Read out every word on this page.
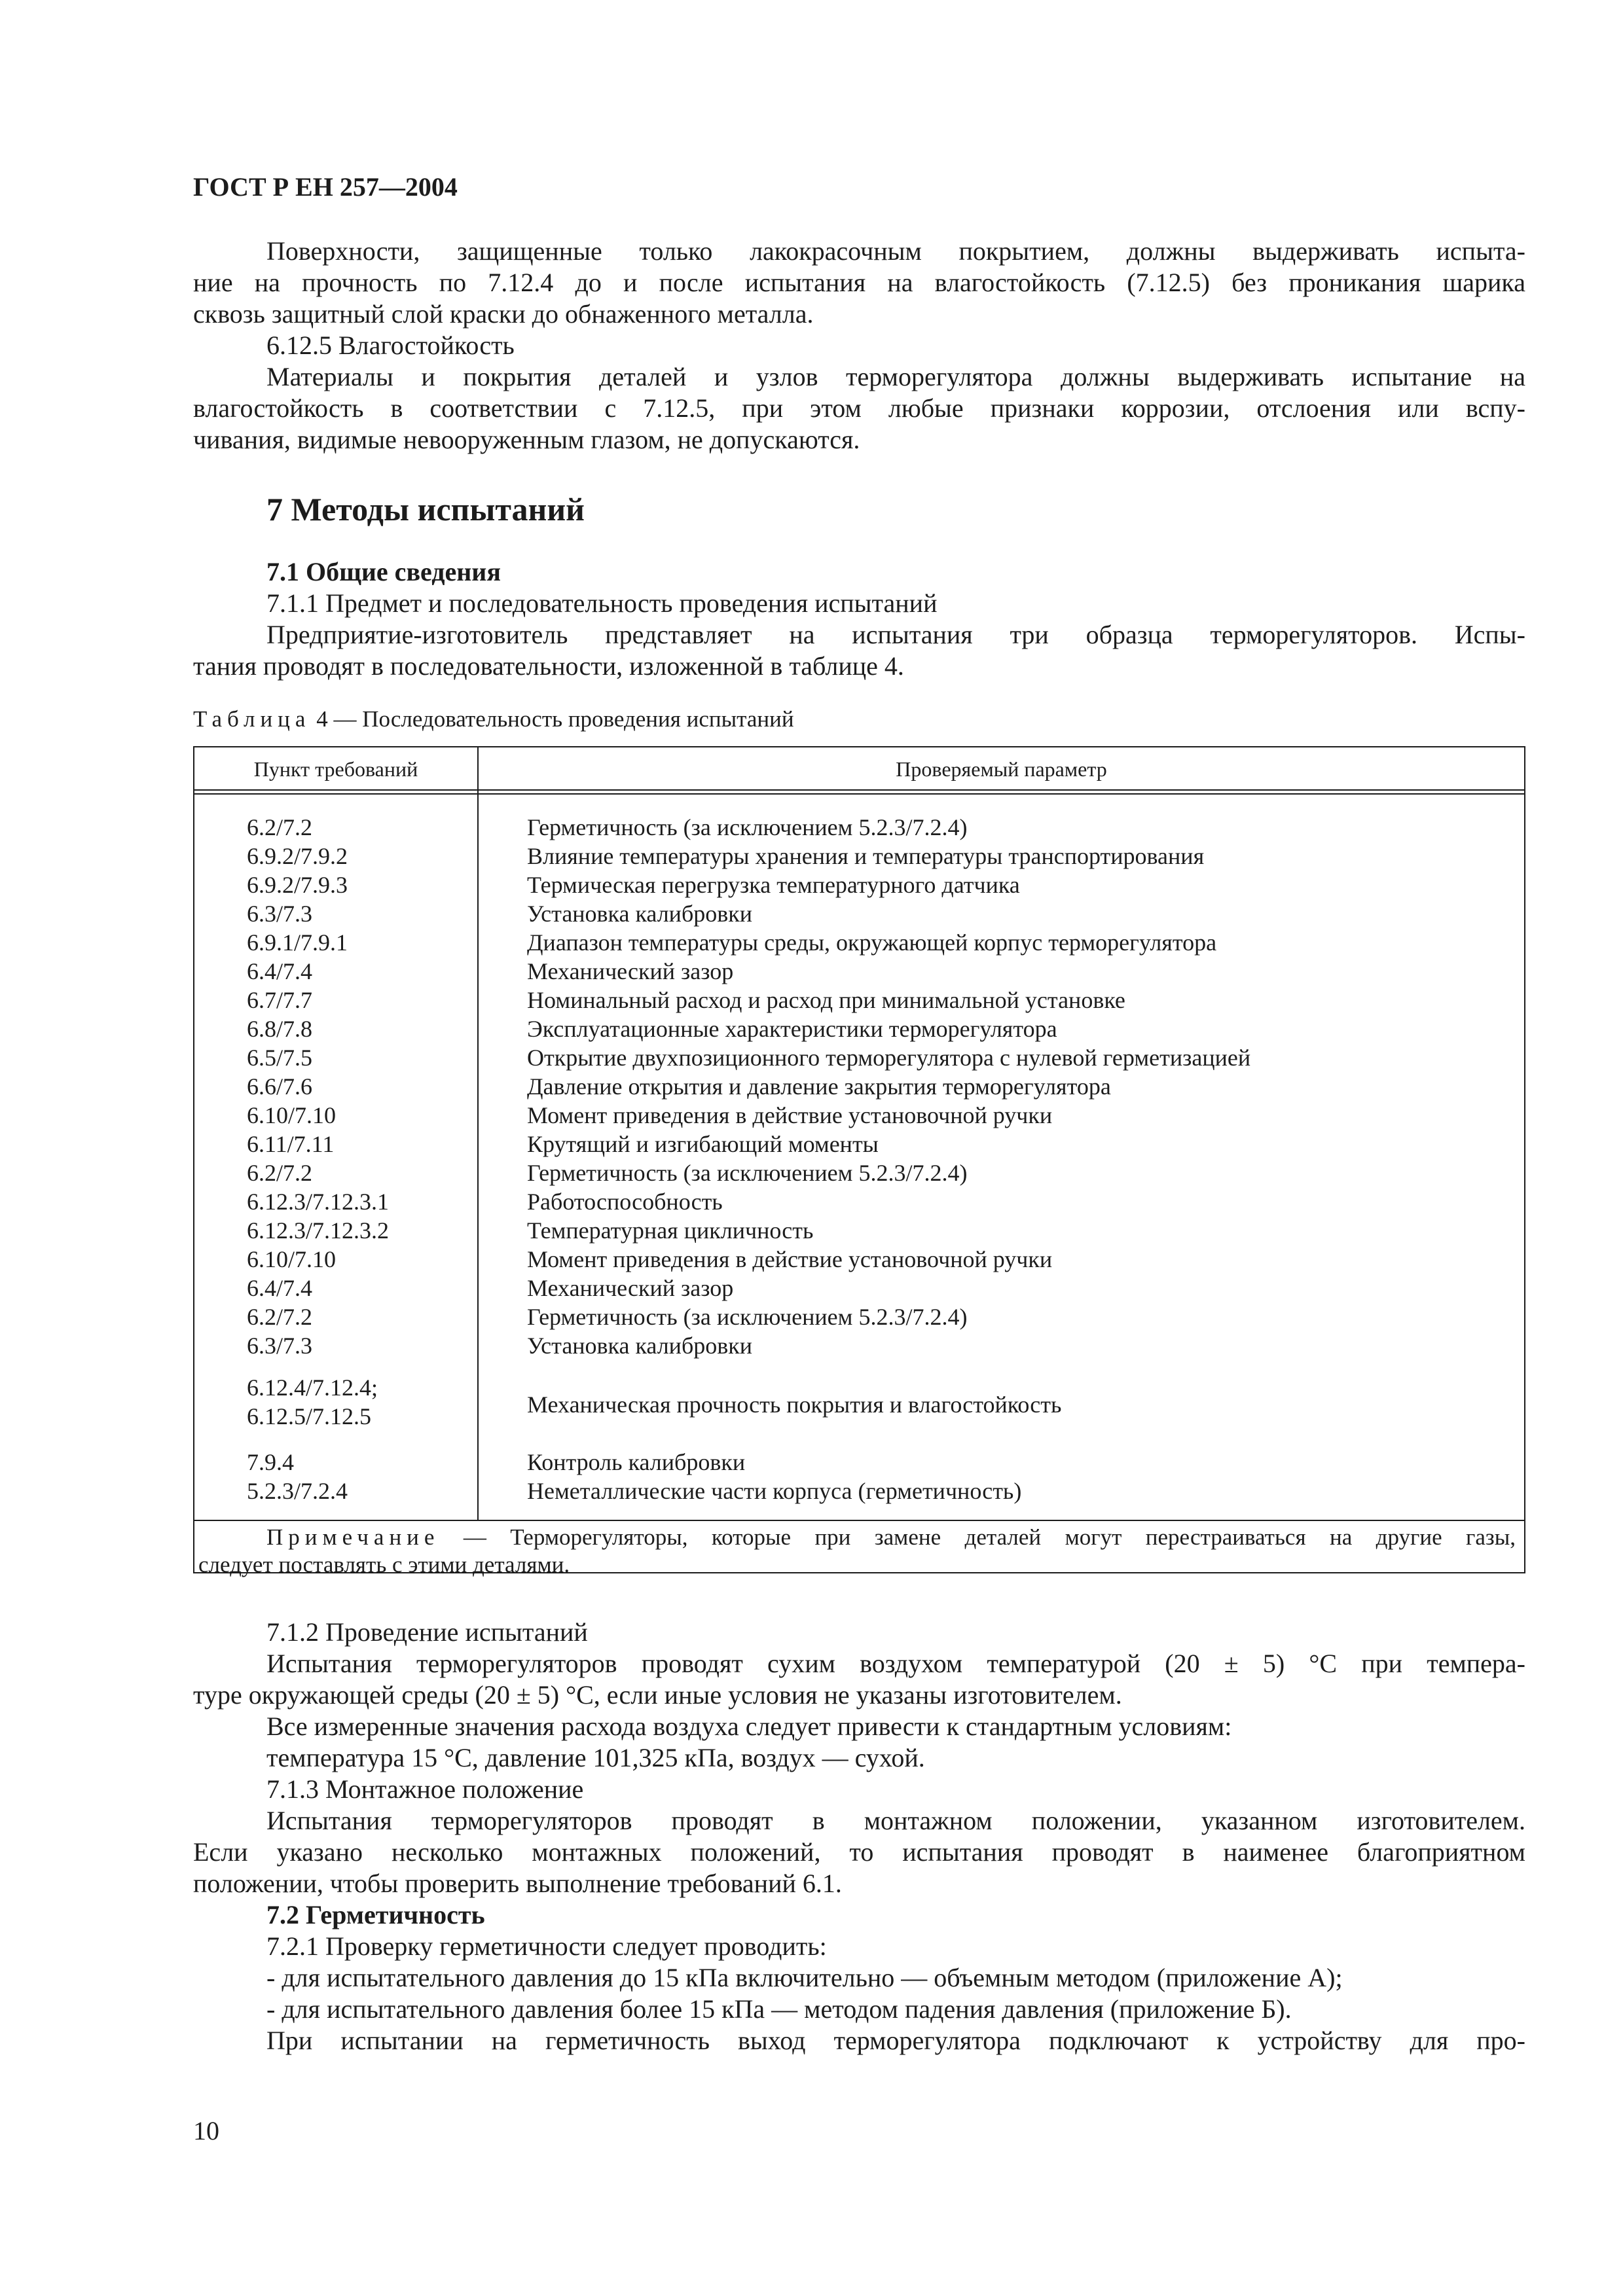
ГОСТ Р ЕН 257—2004

Поверхности, защищенные только лакокрасочным покрытием, должны выдерживать испыта-

ние на прочность по 7.12.4 до и после испытания на влагостойкость (7.12.5) без проникания шарика

сквозь защитный слой краски до обнаженного металла.

6.12.5 Влагостойкость

Материалы и покрытия деталей и узлов терморегулятора должны выдерживать испытание на

влагостойкость в соответствии с 7.12.5, при этом любые признаки коррозии, отслоения или вспу-

чивания, видимые невооруженным глазом, не допускаются.

7 Методы испытаний

7.1 Общие сведения

7.1.1 Предмет и последовательность проведения испытаний

Предприятие-изготовитель представляет на испытания три образца терморегуляторов. Испы-

тания проводят в последовательности, изложенной в таблице 4.

Таблица 4 — Последовательность проведения испытаний
Пункт требований	Проверяемый параметр
6.2/7.2	Герметичность (за исключением 5.2.3/7.2.4)
6.9.2/7.9.2	Влияние температуры хранения и температуры транспортирования
6.9.2/7.9.3	Термическая перегрузка температурного датчика
6.3/7.3	Установка калибровки
6.9.1/7.9.1	Диапазон температуры среды, окружающей корпус терморегулятора
6.4/7.4	Механический зазор
6.7/7.7	Номинальный расход и расход при минимальной установке
6.8/7.8	Эксплуатационные характеристики терморегулятора
6.5/7.5	Открытие двухпозиционного терморегулятора с нулевой герметизацией
6.6/7.6	Давление открытия и давление закрытия терморегулятора
6.10/7.10	Момент приведения в действие установочной ручки
6.11/7.11	Крутящий и изгибающий моменты
6.2/7.2	Герметичность (за исключением 5.2.3/7.2.4)
6.12.3/7.12.3.1	Работоспособность
6.12.3/7.12.3.2	Температурная цикличность
6.10/7.10	Момент приведения в действие установочной ручки
6.4/7.4	Механический зазор
6.2/7.2	Герметичность (за исключением 5.2.3/7.2.4)
6.3/7.3	Установка калибровки
6.12.4/7.12.4;
6.12.5/7.12.5	Механическая прочность покрытия и влагостойкость
7.9.4	Контроль калибровки
5.2.3/7.2.4	Неметаллические части корпуса (герметичность)

Примечание — Терморегуляторы, которые при замене деталей могут перестраиваться на другие газы,

следует поставлять с этими деталями.

7.1.2 Проведение испытаний

Испытания терморегуляторов проводят сухим воздухом температурой (20 ± 5) °С при темпера-

туре окружающей среды (20 ± 5) °С, если иные условия не указаны изготовителем.

Все измеренные значения расхода воздуха следует привести к стандартным условиям:

температура 15 °С, давление 101,325 кПа, воздух — сухой.

7.1.3 Монтажное положение

Испытания терморегуляторов проводят в монтажном положении, указанном изготовителем.

Если указано несколько монтажных положений, то испытания проводят в наименее благоприятном

положении, чтобы проверить выполнение требований 6.1.

7.2 Герметичность

7.2.1 Проверку герметичности следует проводить:

- для испытательного давления до 15 кПа включительно — объемным методом (приложение А);

- для испытательного давления более 15 кПа — методом падения давления (приложение Б).

При испытании на герметичность выход терморегулятора подключают к устройству для про-

10
